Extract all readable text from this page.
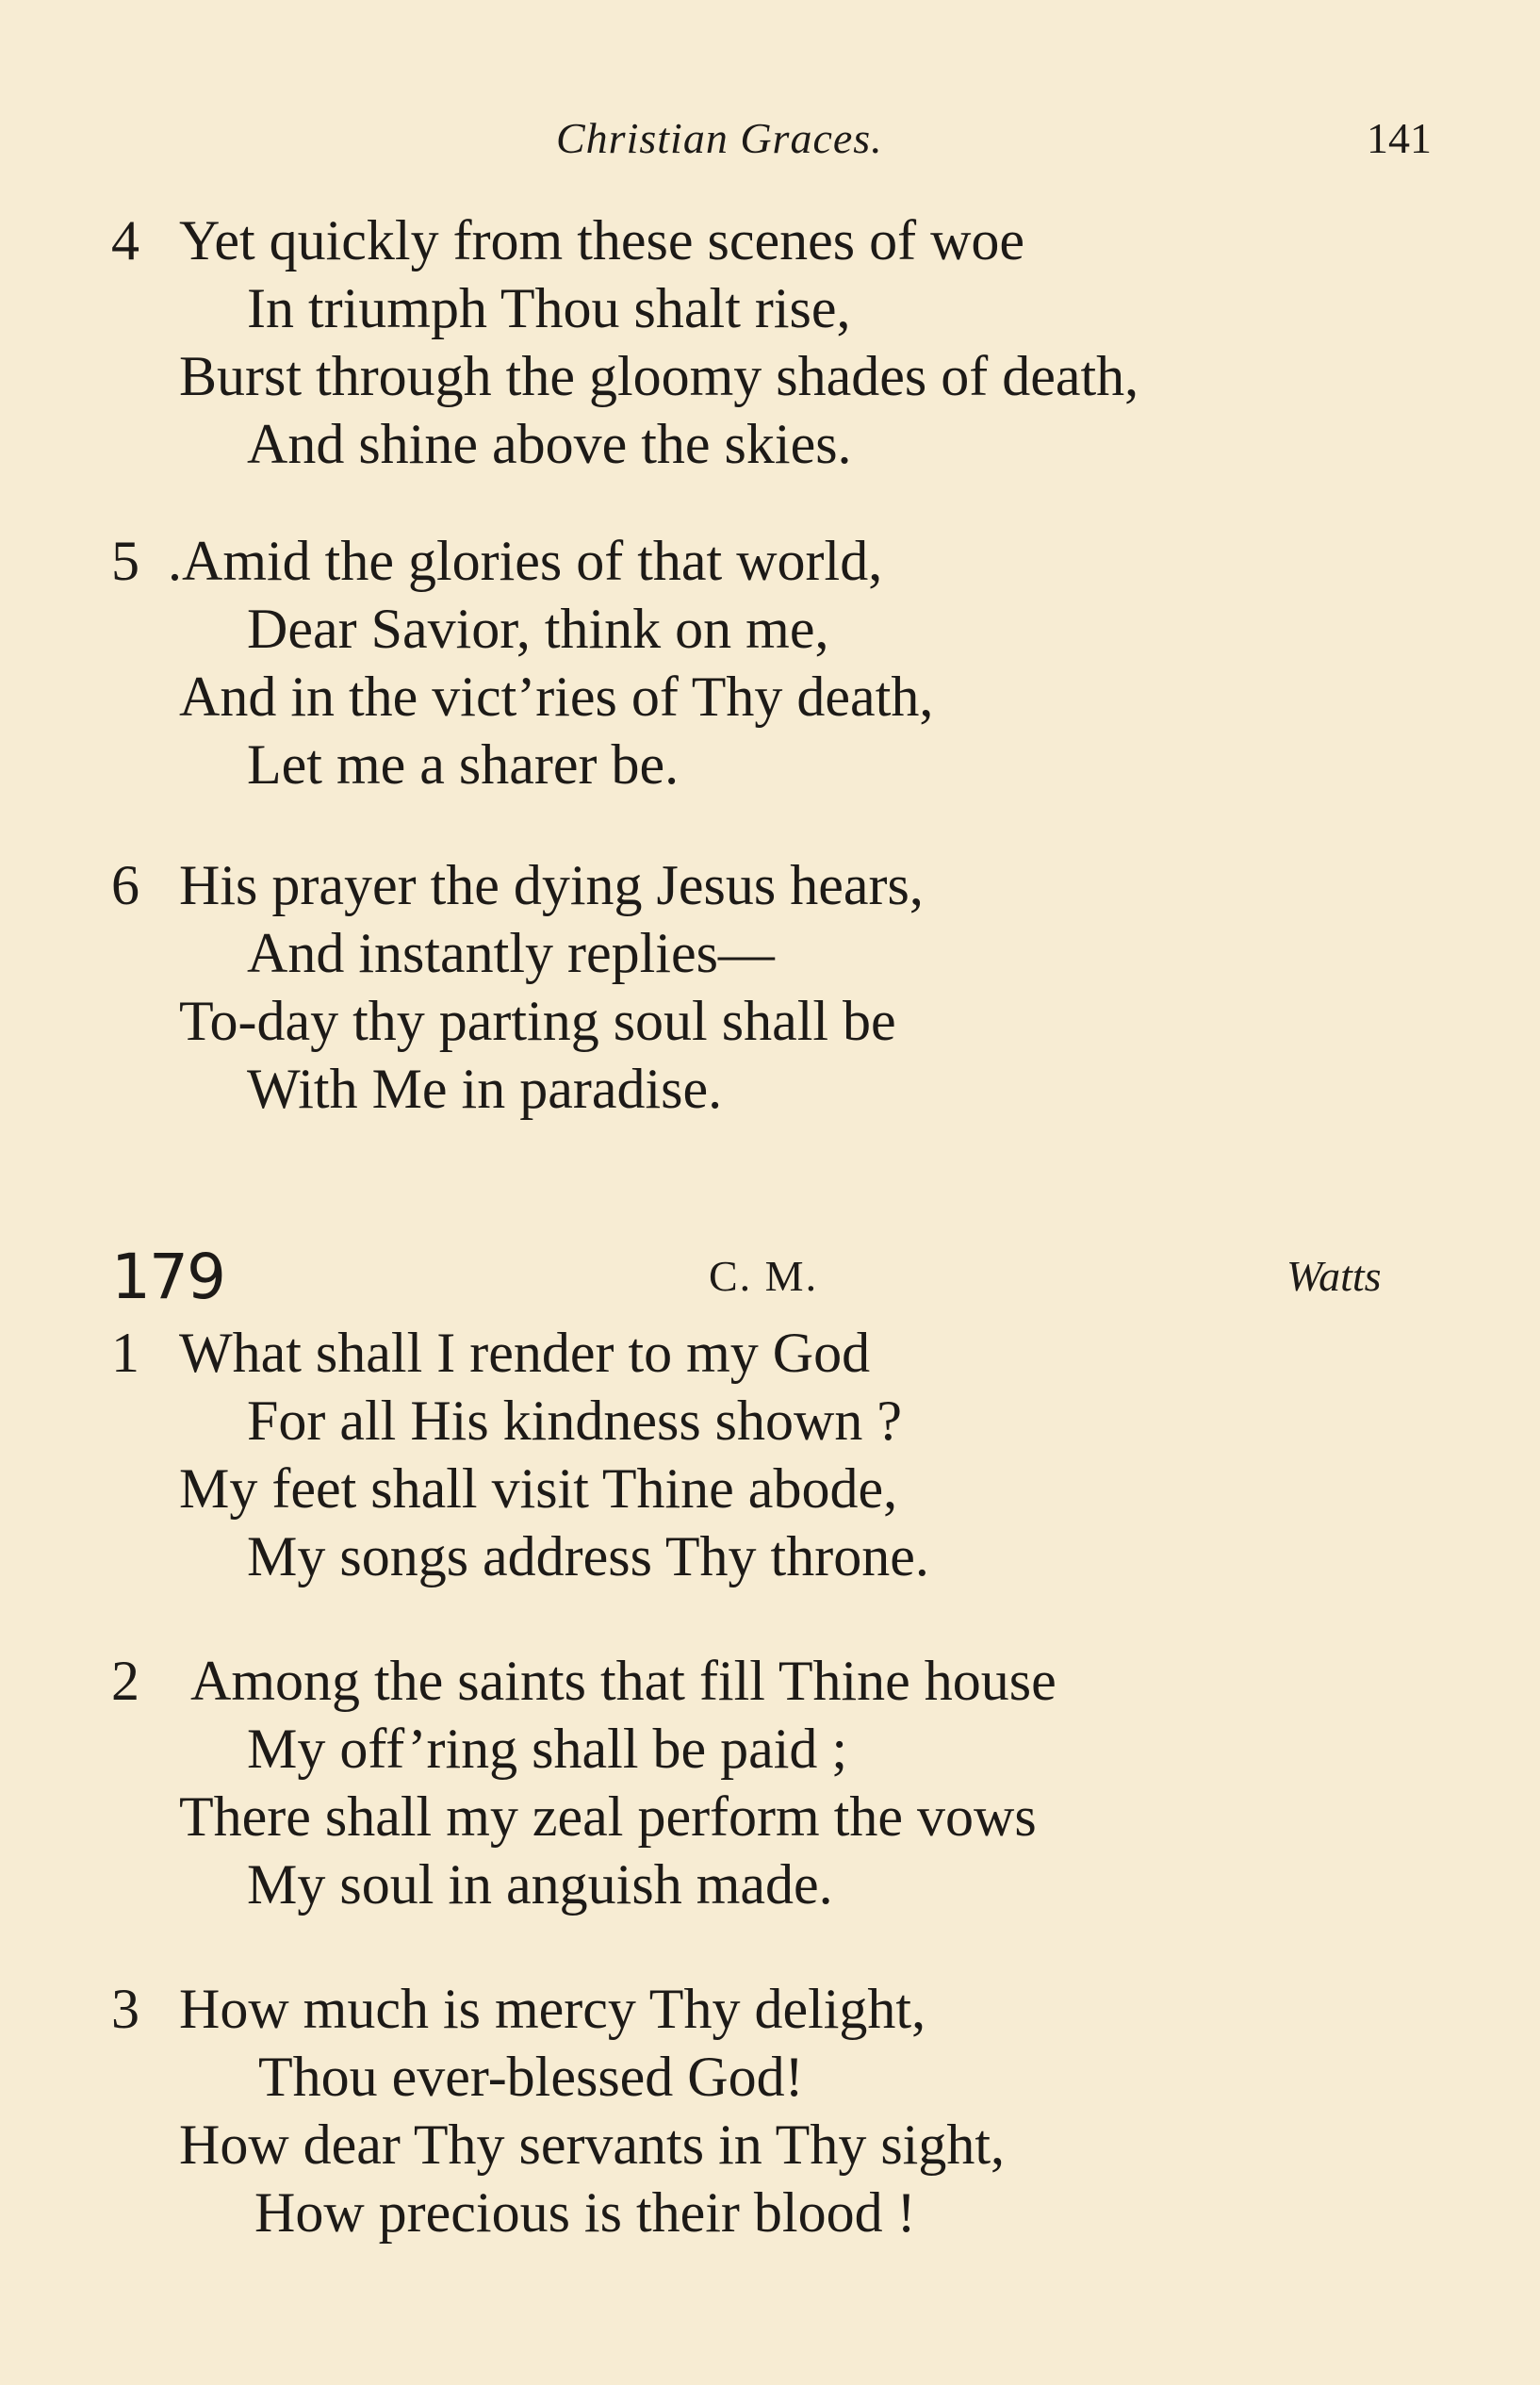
Christian Graces.	141
4 Yet quickly from these scenes of woe
In triumph Thou shalt rise,
Burst through the gloomy shades of death,
And shine above the skies.
5 .Amid the glories of that world,
Dear Savior, think on me,
And in the vict’ries of Thy death,
Let me a sharer be.
6 His prayer the dying Jesus hears,
And instantly replies—
To-day thy parting soul shall be
With Me in paradise.
179	C. M.	Watts
1 What shall I render to my God
For all His kindness shown ?
My feet shall visit Thine abode,
My songs address Thy throne.
2 Among the saints that fill Thine house
My off’ring shall be paid ;
There shall my zeal perform the vows
My soul in anguish made.
3 How much is mercy Thy delight,
Thou ever-blessed God!
How dear Thy servants in Thy sight,
How precious is their blood !
